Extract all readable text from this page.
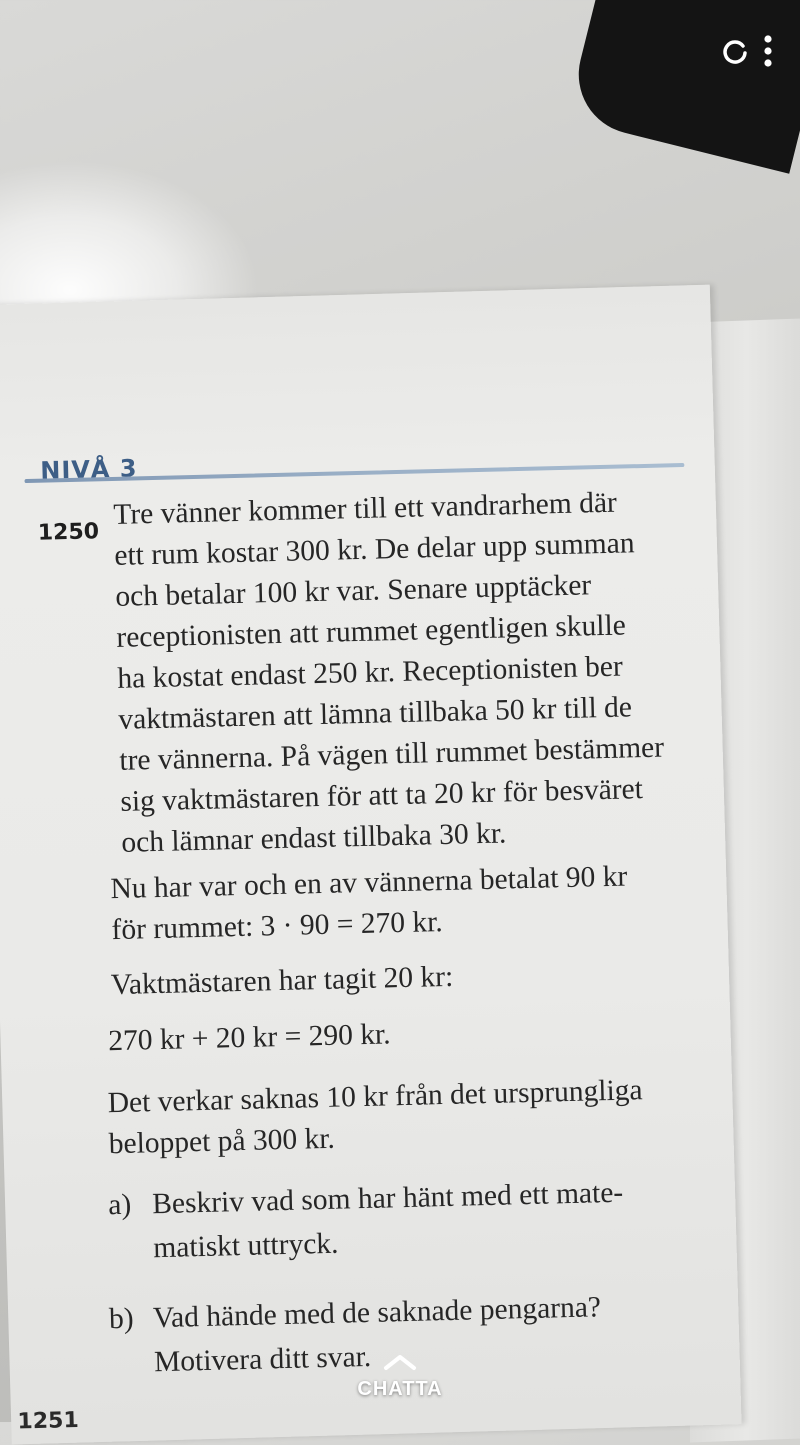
NIVÅ 3
1250
Tre vänner kommer till ett vandrarhem där
ett rum kostar 300 kr. De delar upp summan
och betalar 100 kr var. Senare upptäcker
receptionisten att rummet egentligen skulle
ha kostat endast 250 kr. Receptionisten ber
vaktmästaren att lämna tillbaka 50 kr till de
tre vännerna. På vägen till rummet bestämmer
sig vaktmästaren för att ta 20 kr för besväret
och lämnar endast tillbaka 30 kr.
Nu har var och en av vännerna betalat 90 kr
för rummet: 3 · 90 = 270 kr.
Vaktmästaren har tagit 20 kr:
270 kr + 20 kr = 290 kr.
Det verkar saknas 10 kr från det ursprungliga
beloppet på 300 kr.
a) Beskriv vad som har hänt med ett mate-
matiskt uttryck.
b) Vad hände med de saknade pengarna?
Motivera ditt svar.
1251
CHATTA
